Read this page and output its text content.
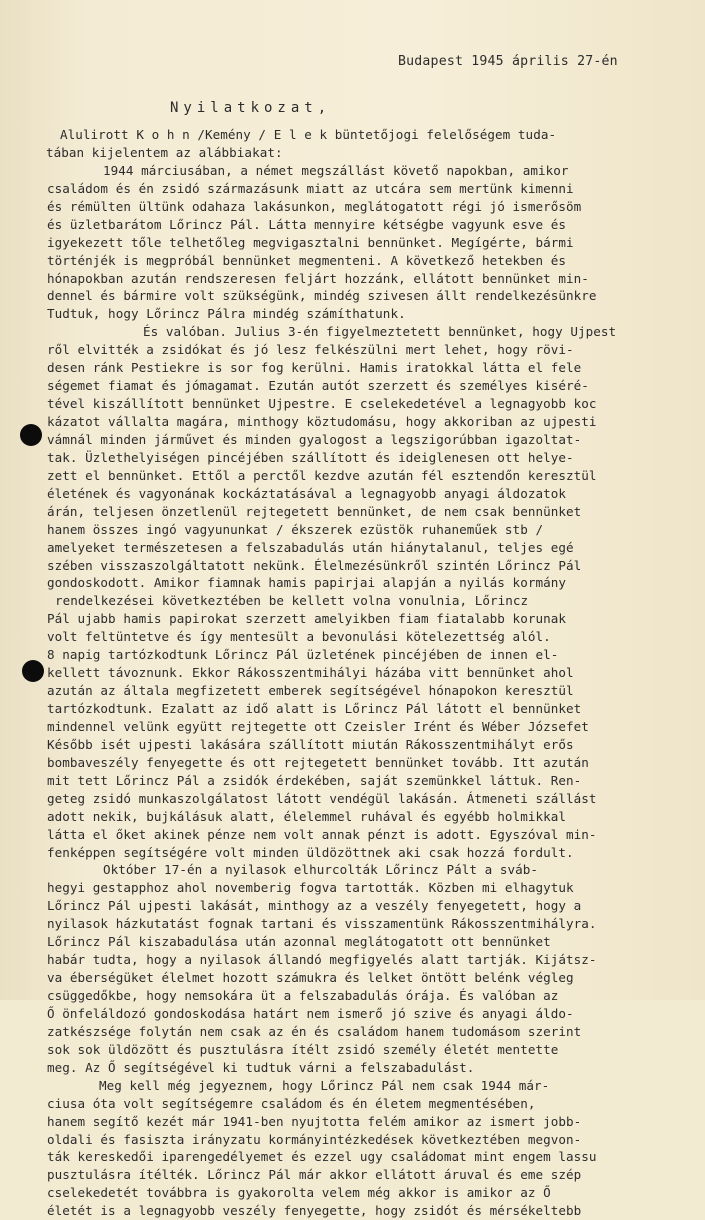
Budapest 1945 április 27-én
Nyilatkozat,
Alulirott K o h n /Kemény / E l e k büntetőjogi felelőségem tuda-
tában kijelentem az alábbiakat:
1944 márciusában, a német megszállást követő napokban, amikor
családom és én zsidó származásunk miatt az utcára sem mertünk kimenni
és rémülten ültünk odahaza lakásunkon, meglátogatott régi jó ismerősöm
és üzletbarátom Lőrincz Pál. Látta mennyire kétségbe vagyunk esve és
igyekezett tőle telhetőleg megvigasztalni bennünket. Megígérte, bármi
történjék is megpróbál bennünket megmenteni. A következő hetekben és
hónapokban azután rendszeresen feljárt hozzánk, ellátott bennünket min-
dennel és bármire volt szükségünk, mindég szivesen állt rendelkezésünkre
Tudtuk, hogy Lőrincz Pálra mindég számíthatunk.
És valóban. Julius 3-én figyelmeztetett bennünket, hogy Ujpest
ről elvitték a zsidókat és jó lesz felkészülni mert lehet, hogy rövi-
desen ránk Pestiekre is sor fog kerülni. Hamis iratokkal látta el fele
ségemet fiamat és jómagamat. Ezután autót szerzett és személyes kiséré-
tével kiszállított bennünket Ujpestre. E cselekedetével a legnagyobb koc
kázatot vállalta magára, minthogy köztudomásu, hogy akkoriban az ujpesti
vámnál minden járművet és minden gyalogost a legszigorúbban igazoltat-
tak. Üzlethelyiségen pincéjében szállított és ideiglenesen ott helye-
zett el bennünket. Ettől a perctől kezdve azután fél esztendőn keresztül
életének és vagyonának kockáztatásával a legnagyobb anyagi áldozatok
árán, teljesen önzetlenül rejtegetett bennünket, de nem csak bennünket
hanem összes ingó vagyununkat / ékszerek ezüstök ruhaneműek stb /
amelyeket természetesen a felszabadulás után hiánytalanul, teljes egé
szében visszaszolgáltatott nekünk. Élelmezésünkről szintén Lőrincz Pál
gondoskodott. Amikor fiamnak hamis papirjai alapján a nyilás kormány
rendelkezései következtében be kellett volna vonulnia, Lőrincz
Pál ujabb hamis papirokat szerzett amelyikben fiam fiatalabb korunak
volt feltüntetve és így mentesült a bevonulási kötelezettség alól.
8 napig tartózkodtunk Lőrincz Pál üzletének pincéjében de innen el-
kellett távoznunk. Ekkor Rákosszentmihályi házába vitt bennünket ahol
azután az általa megfizetett emberek segítségével hónapokon keresztül
tartózkodtunk. Ezalatt az idő alatt is Lőrincz Pál látott el bennünket
mindennel velünk együtt rejtegette ott Czeisler Irént és Wéber Józsefet
Később isét ujpesti lakására szállított miután Rákosszentmihályt erős
bombaveszély fenyegette és ott rejtegetett bennünket tovább. Itt azután
mit tett Lőrincz Pál a zsidók érdekében, saját szemünkkel láttuk. Ren-
geteg zsidó munkaszolgálatost látott vendégül lakásán. Átmeneti szállást
adott nekik, bujkálásuk alatt, élelemmel ruhával és egyébb holmikkal
látta el őket akinek pénze nem volt annak pénzt is adott. Egyszóval min-
fenképpen segítségére volt minden üldözöttnek aki csak hozzá fordult.
Október 17-én a nyilasok elhurcolták Lőrincz Pált a sváb-
hegyi gestapphoz ahol novemberig fogva tartották. Közben mi elhagytuk
Lőrincz Pál ujpesti lakását, minthogy az a veszély fenyegetett, hogy a
nyilasok házkutatást fognak tartani és visszamentünk Rákosszentmihályra.
Lőrincz Pál kiszabadulása után azonnal meglátogatott ott bennünket
habár tudta, hogy a nyilasok állandó megfigyelés alatt tartják. Kijátsz-
va éberségüket élelmet hozott számukra és lelket öntött belénk végleg
csüggedőkbe, hogy nemsokára üt a felszabadulás órája. És valóban az
Ő önfeláldozó gondoskodása határt nem ismerő jó szive és anyagi áldo-
zatkészsége folytán nem csak az én és családom hanem tudomásom szerint
sok sok üldözött és pusztulásra ítélt zsidó személy életét mentette
meg. Az Ő segítségével ki tudtuk várni a felszabadulást.
Meg kell még jegyeznem, hogy Lőrincz Pál nem csak 1944 már-
ciusa óta volt segítségemre családom és én életem megmentésében,
hanem segítő kezét már 1941-ben nyujtotta felém amikor az ismert jobb-
oldali és fasiszta irányzatu kormányintézkedések következtében megvon-
ták kereskedői iparengedélyemet és ezzel ugy családomat mint engem lassu
pusztulásra ítélték. Lőrincz Pál már akkor ellátott áruval és eme szép
cselekedetét továbbra is gyakorolta velem még akkor is amikor az Ő
életét is a legnagyobb veszély fenyegette, hogy zsidót és mérsékeltebb
